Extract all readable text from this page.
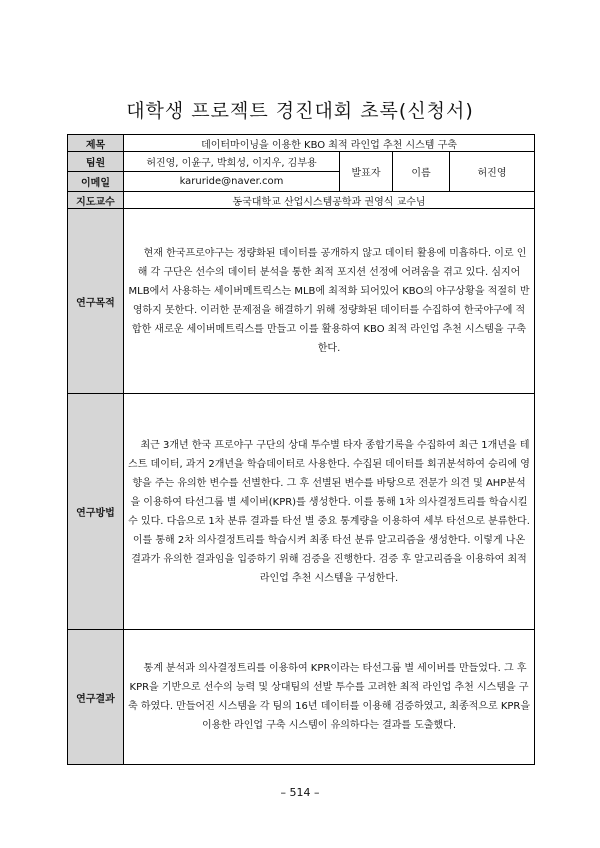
대학생 프로젝트 경진대회 초록(신청서)
제목	데이터마이닝을 이용한 KBO 최적 라인업 추천 시스템 구축			
팀원	허진영, 이윤구, 박희성, 이지우, 김부용	발표자	이름	허진영
이메일	karuride@naver.com			
지도교수	동국대학교 산업시스템공학과 권영식 교수님			
연구목적	현재 한국프로야구는 정량화된 데이터를 공개하지 않고 데이터 활용에 미흡하다. 이로 인해 각 구단은 선수의 데이터 분석을 통한 최적 포지션 선정에 어려움을 겪고 있다. 심지어 MLB에서 사용하는 세이버메트릭스는 MLB에 최적화 되어있어 KBO의 야구상황을 적절히 반영하지 못한다. 이러한 문제점을 해결하기 위해 정량화된 데이터를 수집하여 한국야구에 적합한 새로운 세이버메트릭스를 만들고 이를 활용하여 KBO 최적 라인업 추천 시스템을 구축한다.			

연구방법	최근 3개년 한국 프로야구 구단의 상대 투수별 타자 종합기록을 수집하여 최근 1개년을 테스트 데이터, 과거 2개년을 학습데이터로 사용한다. 수집된 데이터를 회귀분석하여 승리에 영향을 주는 유의한 변수를 선별한다. 그 후 선별된 변수를 바탕으로 전문가 의견 및 AHP분석을 이용하여 타선그룹 별 세이버(KPR)를 생성한다. 이를 통해 1차 의사결정트리를 학습시킬 수 있다. 다음으로 1차 분류 결과를 타선 별 중요 통계량을 이용하여 세부 타선으로 분류한다. 이를 통해 2차 의사결정트리를 학습시켜 최종 타선 분류 알고리즘을 생성한다. 이렇게 나온 결과가 유의한 결과임을 입증하기 위해 검증을 진행한다. 검증 후 알고리즘을 이용하여 최적 라인업 추천 시스템을 구성한다.			

연구결과	통계 분석과 의사결정트리를 이용하여 KPR이라는 타선그룹 별 세이버를 만들었다. 그 후 KPR을 기반으로 선수의 능력 및 상대팀의 선발 투수를 고려한 최적 라인업 추천 시스템을 구축 하였다. 만들어진 시스템을 각 팀의 16년 데이터를 이용해 검증하였고, 최종적으로 KPR을 이용한 라인업 구축 시스템이 유의하다는 결과를 도출했다.			
– 514 –
